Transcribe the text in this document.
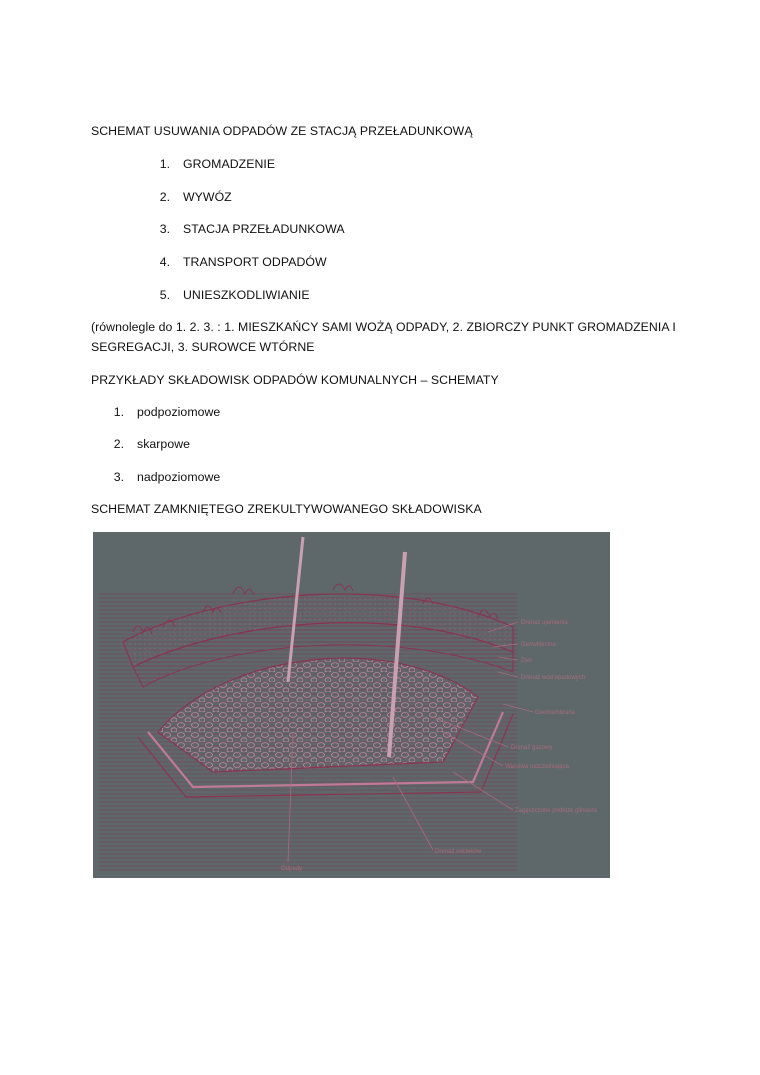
SCHEMAT USUWANIA ODPADÓW ZE STACJĄ PRZEŁADUNKOWĄ
1. GROMADZENIE
2. WYWÓZ
3. STACJA PRZEŁADUNKOWA
4. TRANSPORT ODPADÓW
5. UNIESZKODLIWIANIE
(równolegle do 1. 2. 3. : 1. MIESZKAŃCY SAMI WOŻĄ ODPADY, 2. ZBIORCZY PUNKT GROMADZENIA I
SEGREGACJI, 3. SUROWCE WTÓRNE
PRZYKŁADY SKŁADOWISK ODPADÓW KOMUNALNYCH – SCHEMATY
1. podpoziomowe
2. skarpowe
3. nadpoziomowe
SCHEMAT ZAMKNIĘTEGO ZREKULTYWOWANEGO SKŁADOWISKA
Drenaż ujemienia
Geowłóknina
Żwir
Drenaż wód opadowych
Geomembrana
Drenaż gazowy
Warstwa uszczelniająca
Zagęszczone podłoże gliniaste
Drenaż odcieków
Odpady
